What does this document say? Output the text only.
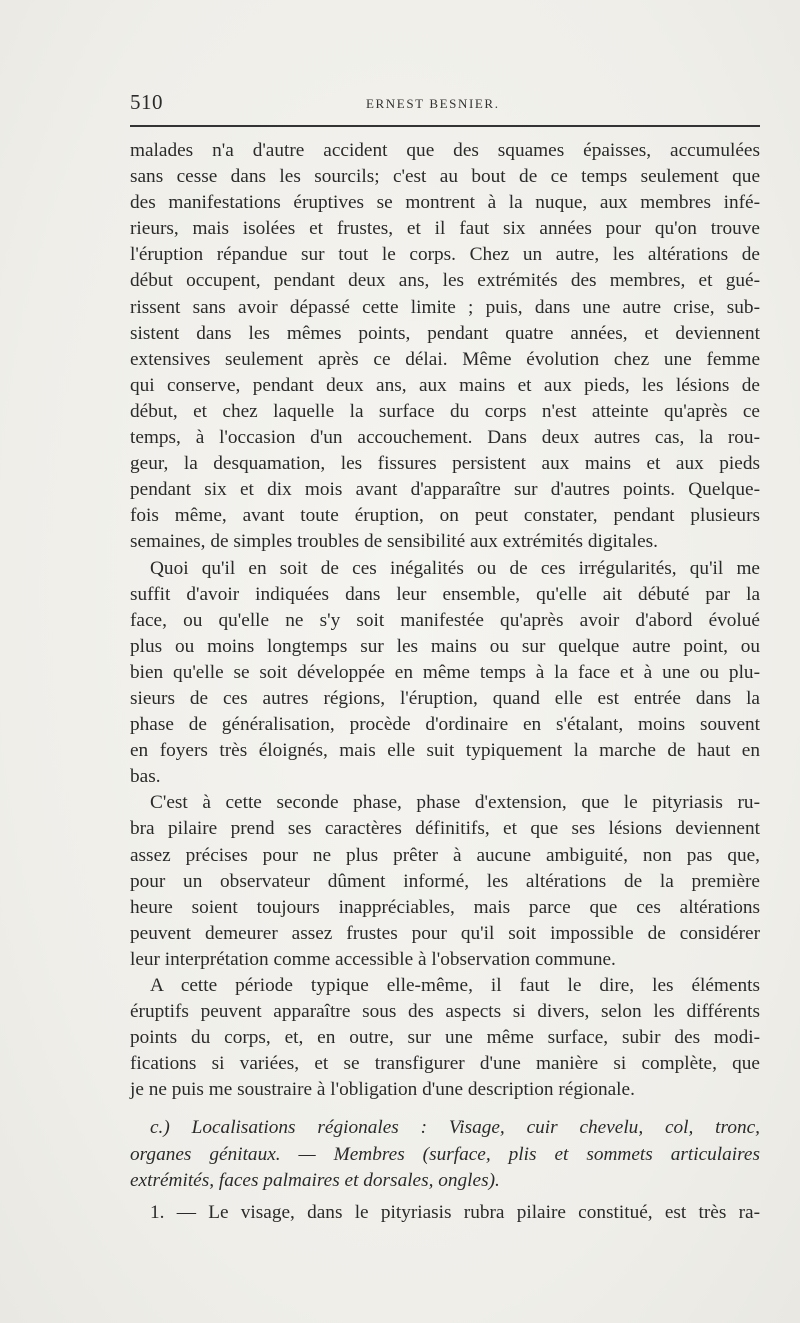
510	ERNEST BESNIER.
malades n'a d'autre accident que des squames épaisses, accumulées
sans cesse dans les sourcils; c'est au bout de ce temps seulement que
des manifestations éruptives se montrent à la nuque, aux membres infé-
rieurs, mais isolées et frustes, et il faut six années pour qu'on trouve
l'éruption répandue sur tout le corps. Chez un autre, les altérations de
début occupent, pendant deux ans, les extrémités des membres, et gué-
rissent sans avoir dépassé cette limite ; puis, dans une autre crise, sub-
sistent dans les mêmes points, pendant quatre années, et deviennent
extensives seulement après ce délai. Même évolution chez une femme
qui conserve, pendant deux ans, aux mains et aux pieds, les lésions de
début, et chez laquelle la surface du corps n'est atteinte qu'après ce
temps, à l'occasion d'un accouchement. Dans deux autres cas, la rou-
geur, la desquamation, les fissures persistent aux mains et aux pieds
pendant six et dix mois avant d'apparaître sur d'autres points. Quelque-
fois même, avant toute éruption, on peut constater, pendant plusieurs
semaines, de simples troubles de sensibilité aux extrémités digitales.
Quoi qu'il en soit de ces inégalités ou de ces irrégularités, qu'il me
suffit d'avoir indiquées dans leur ensemble, qu'elle ait débuté par la
face, ou qu'elle ne s'y soit manifestée qu'après avoir d'abord évolué
plus ou moins longtemps sur les mains ou sur quelque autre point, ou
bien qu'elle se soit développée en même temps à la face et à une ou plu-
sieurs de ces autres régions, l'éruption, quand elle est entrée dans la
phase de généralisation, procède d'ordinaire en s'étalant, moins souvent
en foyers très éloignés, mais elle suit typiquement la marche de haut en
bas.
C'est à cette seconde phase, phase d'extension, que le pityriasis ru-
bra pilaire prend ses caractères définitifs, et que ses lésions deviennent
assez précises pour ne plus prêter à aucune ambiguité, non pas que,
pour un observateur dûment informé, les altérations de la première
heure soient toujours inappréciables, mais parce que ces altérations
peuvent demeurer assez frustes pour qu'il soit impossible de considérer
leur interprétation comme accessible à l'observation commune.
A cette période typique elle-même, il faut le dire, les éléments
éruptifs peuvent apparaître sous des aspects si divers, selon les différents
points du corps, et, en outre, sur une même surface, subir des modi-
fications si variées, et se transfigurer d'une manière si complète, que
je ne puis me soustraire à l'obligation d'une description régionale.
c.) Localisations régionales : Visage, cuir chevelu, col, tronc,
organes génitaux. — Membres (surface, plis et sommets articulaires
extrémités, faces palmaires et dorsales, ongles).
1. — Le visage, dans le pityriasis rubra pilaire constitué, est très ra-
